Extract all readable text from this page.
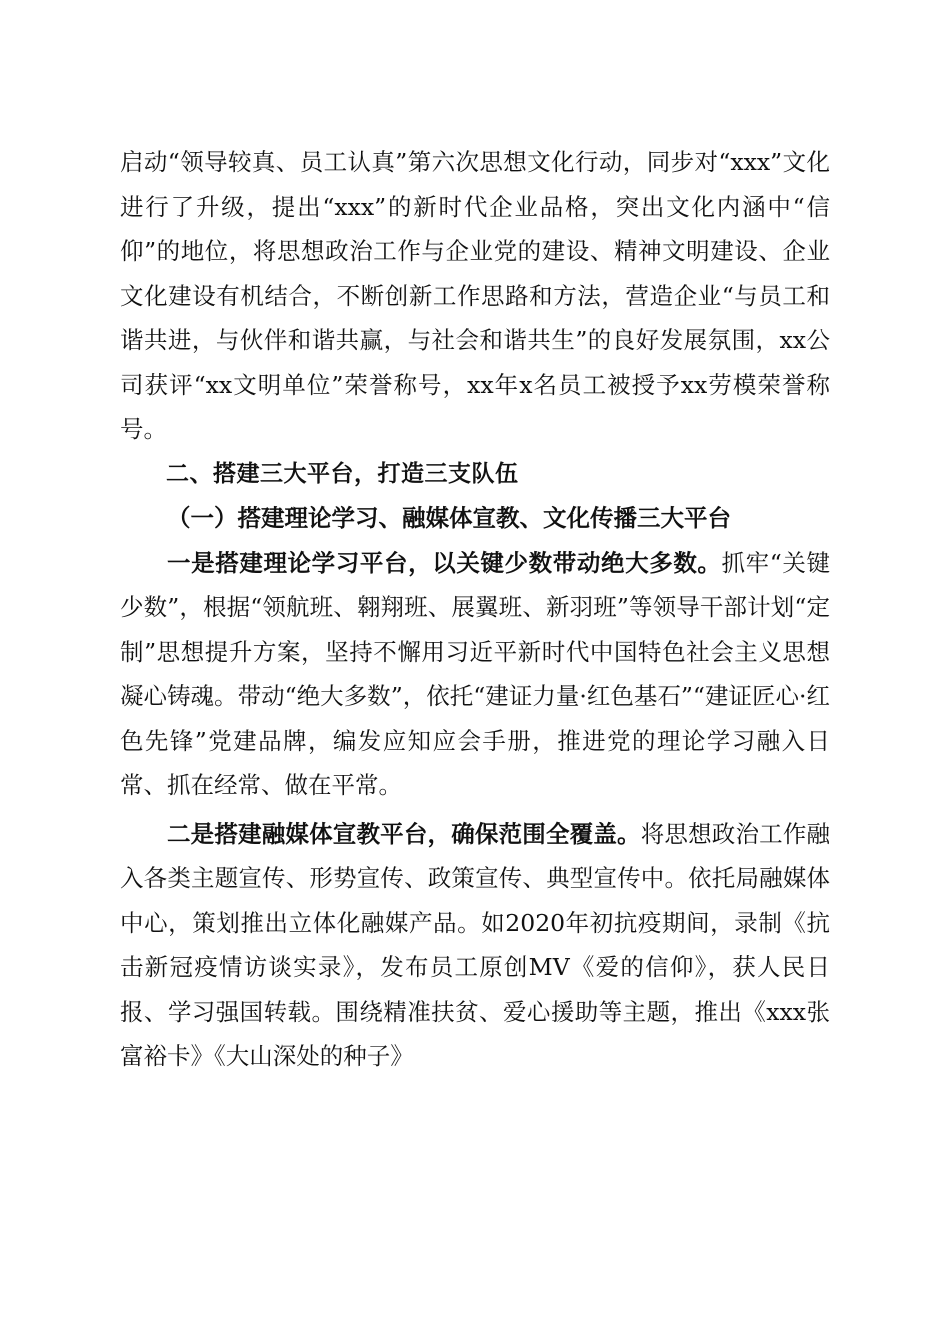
启动“领导较真、员工认真”第六次思想文化行动，同步对“xxx”文化进行了升级，提出“xxx”的新时代企业品格，突出文化内涵中“信仰”的地位，将思想政治工作与企业党的建设、精神文明建设、企业文化建设有机结合，不断创新工作思路和方法，营造企业“与员工和谐共进，与伙伴和谐共赢，与社会和谐共生”的良好发展氛围，xx公司获评“xx文明单位”荣誉称号，xx年x名员工被授予xx劳模荣誉称号。

二、搭建三大平台，打造三支队伍

（一）搭建理论学习、融媒体宣教、文化传播三大平台

一是搭建理论学习平台，以关键少数带动绝大多数。抓牢“关键少数”，根据“领航班、翱翔班、展翼班、新羽班”等领导干部计划“定制”思想提升方案，坚持不懈用习近平新时代中国特色社会主义思想凝心铸魂。带动“绝大多数”，依托“建证力量·红色基石”“建证匠心·红色先锋”党建品牌，编发应知应会手册，推进党的理论学习融入日常、抓在经常、做在平常。

二是搭建融媒体宣教平台，确保范围全覆盖。将思想政治工作融入各类主题宣传、形势宣传、政策宣传、典型宣传中。依托局融媒体中心，策划推出立体化融媒产品。如2020年初抗疫期间，录制《抗击新冠疫情访谈实录》，发布员工原创MV《爱的信仰》，获人民日报、学习强国转载。围绕精准扶贫、爱心援助等主题，推出《xxx张富裕卡》《大山深处的种子》
